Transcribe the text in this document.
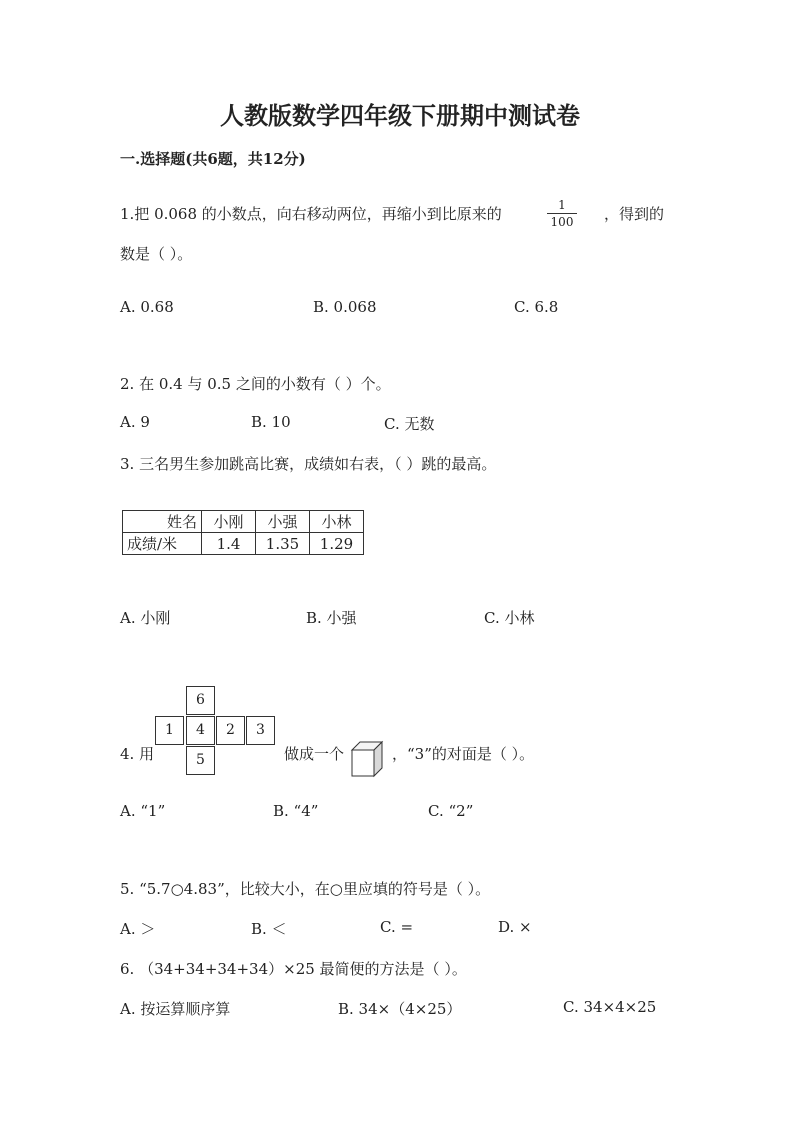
人教版数学四年级下册期中测试卷
一.选择题(共6题，共12分)
1.把 0.068 的小数点，向右移动两位，再缩小到比原来的	1
100 ，得到的
数是（ ）。
A. 0.68	B. 0.068	C. 6.8
2. 在 0.4 与 0.5 之间的小数有（ ）个。
A. 9	B. 10	C. 无数
3. 三名男生参加跳高比赛，成绩如右表，（ ）跳的最高。
姓名	小刚	小强	小林
成绩/米	1.4	1.35	1.29
A. 小刚	B. 小强	C. 小林
4. 用
6
1	4	2	3
5	做成一个	，“3”的对面是（ ）。
A. “1”	B. “4”	C. “2”
5. “5.7○4.83”，比较大小，在○里应填的符号是（ ）。
A. ＞	B. ＜	C. =	D. ×
6. （34+34+34+34）×25 最简便的方法是（ ）。
A. 按运算顺序算	B. 34×（4×25）	C. 34×4×25
